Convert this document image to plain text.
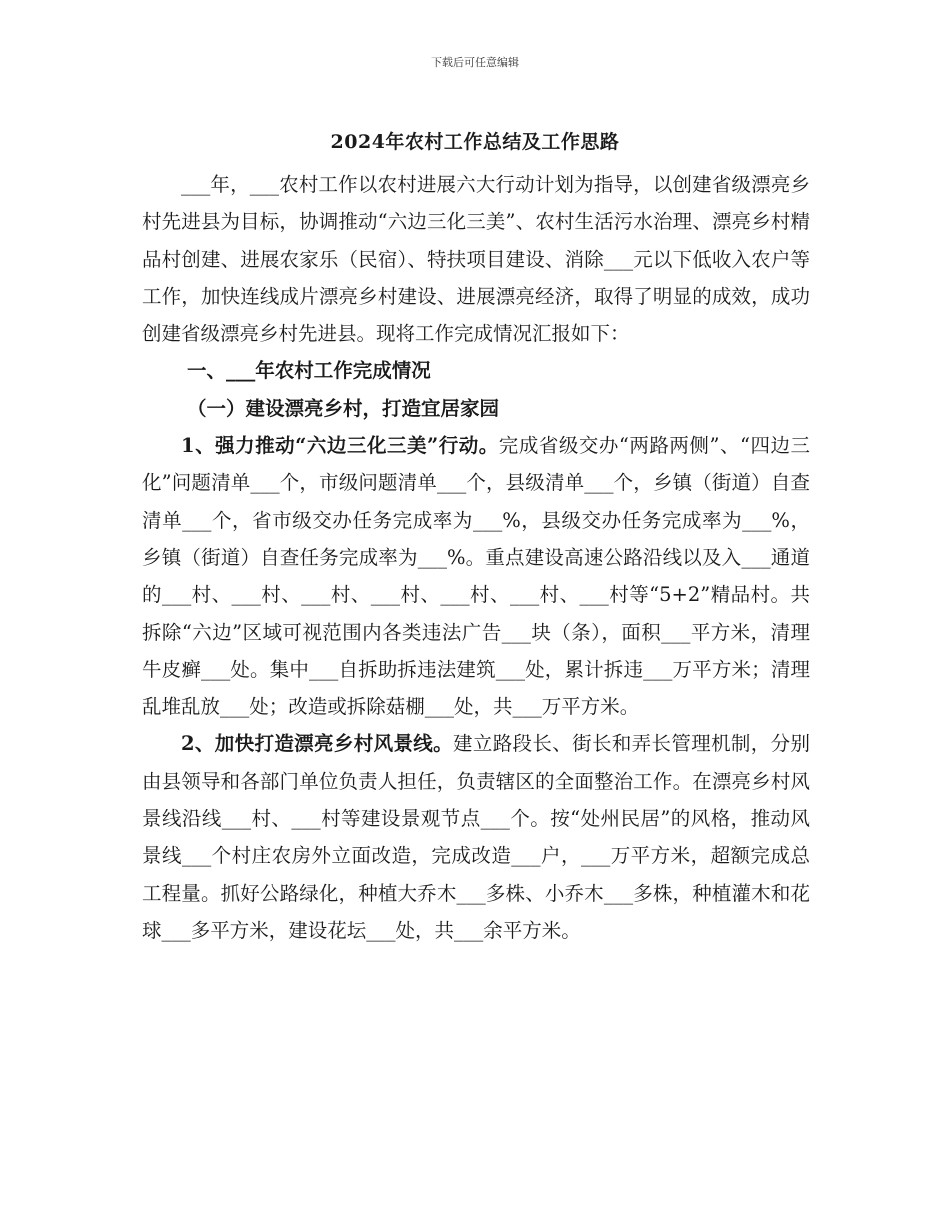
下载后可任意编辑
2024年农村工作总结及工作思路

___年，___农村工作以农村进展六大行动计划为指导，以创建省级漂亮乡村先进县为目标，协调推动“六边三化三美”、农村生活污水治理、漂亮乡村精品村创建、进展农家乐（民宿）、特扶项目建设、消除___元以下低收入农户等工作，加快连线成片漂亮乡村建设、进展漂亮经济，取得了明显的成效，成功创建省级漂亮乡村先进县。现将工作完成情况汇报如下：

一、___年农村工作完成情况

（一）建设漂亮乡村，打造宜居家园

1、强力推动“六边三化三美”行动。完成省级交办“两路两侧”、“四边三化”问题清单___个，市级问题清单___个，县级清单___个，乡镇（街道）自查清单___个，省市级交办任务完成率为___%，县级交办任务完成率为___%，乡镇（街道）自查任务完成率为___%。重点建设高速公路沿线以及入___通道的___村、___村、___村、___村、___村、___村、___村等“5+2”精品村。共拆除“六边”区域可视范围内各类违法广告___块（条），面积___平方米，清理牛皮癣___处。集中___自拆助拆违法建筑___处，累计拆违___万平方米；清理乱堆乱放___处；改造或拆除菇棚___处，共___万平方米。

2、加快打造漂亮乡村风景线。建立路段长、街长和弄长管理机制，分别由县领导和各部门单位负责人担任，负责辖区的全面整治工作。在漂亮乡村风景线沿线___村、___村等建设景观节点___个。按“处州民居”的风格，推动风景线___个村庄农房外立面改造，完成改造___户，___万平方米，超额完成总工程量。抓好公路绿化，种植大乔木___多株、小乔木___多株，种植灌木和花球___多平方米，建设花坛___处，共___余平方米。
